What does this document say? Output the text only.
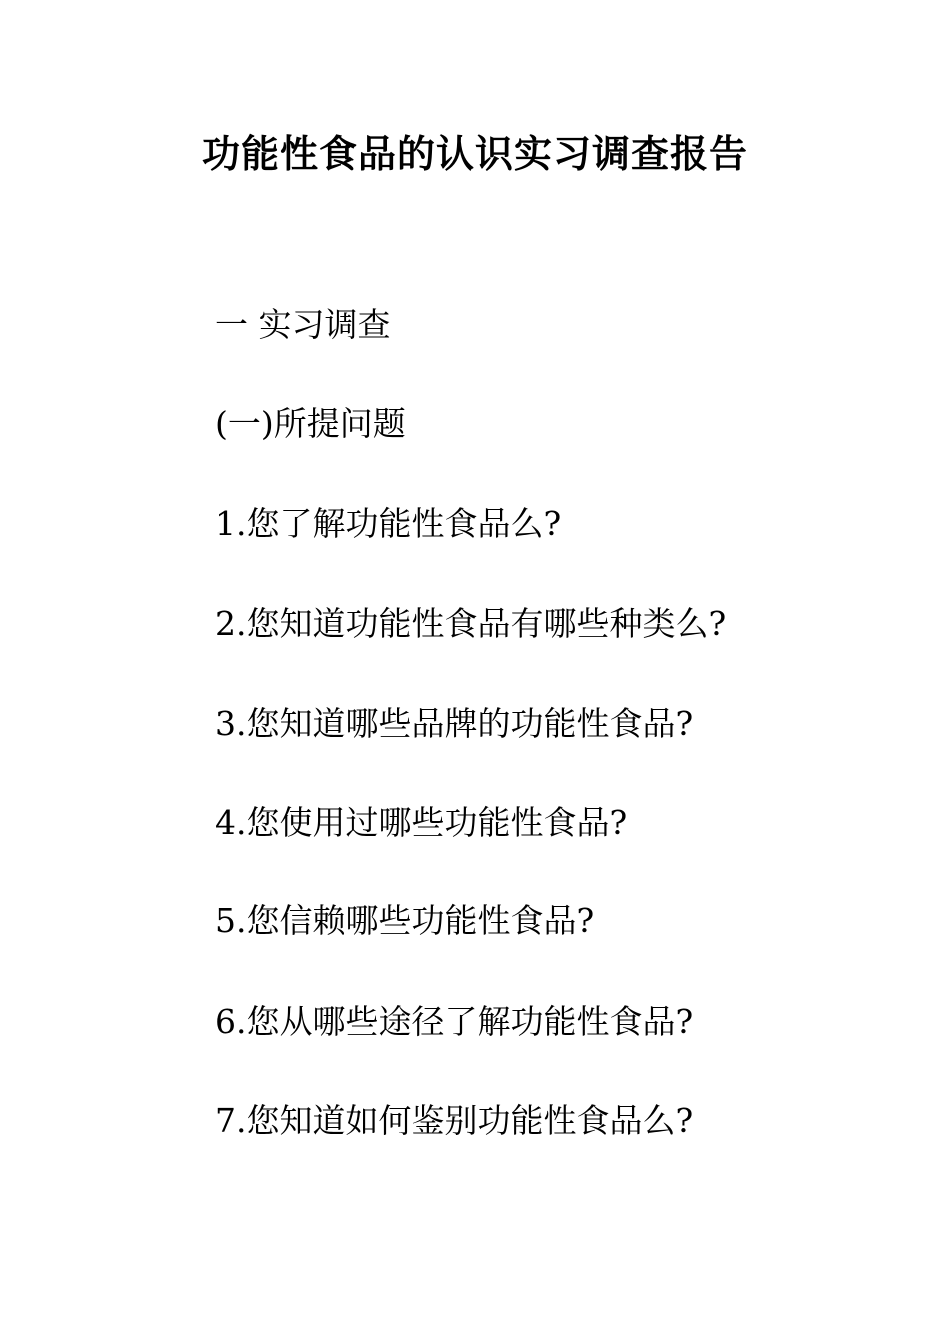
功能性食品的认识实习调查报告
一 实习调查
(一)所提问题
1.您了解功能性食品么?
2.您知道功能性食品有哪些种类么?
3.您知道哪些品牌的功能性食品?
4.您使用过哪些功能性食品?
5.您信赖哪些功能性食品?
6.您从哪些途径了解功能性食品?
7.您知道如何鉴别功能性食品么?
